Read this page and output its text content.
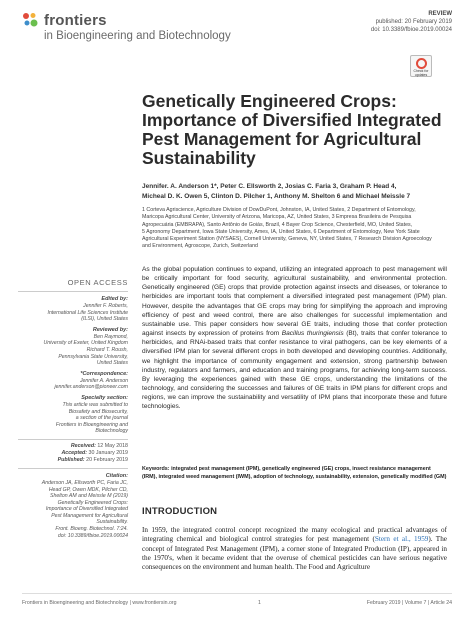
frontiers
in Bioengineering and Biotechnology
REVIEW
published: 20 February 2019
doi: 10.3389/fbioe.2019.00024
Check for updates
Genetically Engineered Crops:
Importance of Diversified Integrated
Pest Management for Agricultural
Sustainability
Jennifer. A. Anderson 1*, Peter C. Ellsworth 2, Josias C. Faria 3, Graham P. Head 4,
Micheal D. K. Owen 5, Clinton D. Pilcher 1, Anthony M. Shelton 6 and Michael Meissle 7
1 Corteva Agriscience, Agriculture Division of DowDuPont, Johnston, IA, United States, 2 Department of Entomology,
Maricopa Agricultural Center, University of Arizona, Maricopa, AZ, United States, 3 Empresa Brasileira de Pesquisa
Agropecuária (EMBRAPA), Santo Antônio de Goiás, Brazil, 4 Bayer Crop Science, Chesterfield, MO, United States,
5 Agronomy Department, Iowa State University, Ames, IA, United States, 6 Department of Entomology, New York State
Agricultural Experiment Station (NYSAES), Cornell University, Geneva, NY, United States, 7 Research Division Agroecology
and Environment, Agroscope, Zurich, Switzerland
OPEN ACCESS
Edited by:
Jennifer F. Roberts,
International Life Sciences Institute
(ILSI), United States
Reviewed by:
Ben Raymond,
University of Exeter, United Kingdom
Richard T. Roush,
Pennsylvania State University,
United States
*Correspondence:
Jennifer A. Anderson
jennifer.anderson@pioneer.com
Specialty section:
This article was submitted to
Biosafety and Biosecurity,
a section of the journal
Frontiers in Bioengineering and
Biotechnology
Received: 12 May 2018
Accepted: 30 January 2019
Published: 20 February 2019
Citation:
Anderson JA, Ellsworth PC, Faria JC,
Head GP, Owen MDK, Pilcher CD,
Shelton AM and Meissle M (2019)
Genetically Engineered Crops:
Importance of Diversified Integrated
Pest Management for Agricultural
Sustainability.
Front. Bioeng. Biotechnol. 7:24.
doi: 10.3389/fbioe.2019.00024
As the global population continues to expand, utilizing an integrated approach to pest management will be critically important for food security, agricultural sustainability, and environmental protection. Genetically engineered (GE) crops that provide protection against insects and diseases, or tolerance to herbicides are important tools that complement a diversified integrated pest management (IPM) plan. However, despite the advantages that GE crops may bring for simplifying the approach and improving efficiency of pest and weed control, there are also challenges for successful implementation and sustainable use. This paper considers how several GE traits, including those that confer protection against insects by expression of proteins from Bacillus thuringiensis (Bt), traits that confer tolerance to herbicides, and RNAi-based traits that confer resistance to viral pathogens, can be key elements of a diversified IPM plan for several different crops in both developed and developing countries. Additionally, we highlight the importance of community engagement and extension, strong partnership between industry, regulators and farmers, and education and training programs, for achieving long-term success. By leveraging the experiences gained with these GE crops, understanding the limitations of the technology, and considering the successes and failures of GE traits in IPM plans for different crops and regions, we can improve the sustainability and versatility of IPM plans that incorporate these and future technologies.
Keywords: integrated pest management (IPM), genetically engineered (GE) crops, insect resistance management (IRM), integrated weed management (IWM), adoption of technology, sustainability, extension, genetically modified (GM)
INTRODUCTION
In 1959, the integrated control concept recognized the many ecological and practical advantages of integrating chemical and biological control strategies for pest management (Stern et al., 1959). The concept of Integrated Pest Management (IPM), a corner stone of Integrated Production (IP), appeared in the 1970's, when it became evident that the overuse of chemical pesticides can have serious negative consequences on the environment and human health. The Food and Agriculture
Frontiers in Bioengineering and Biotechnology | www.frontiersin.org	1	February 2019 | Volume 7 | Article 24
